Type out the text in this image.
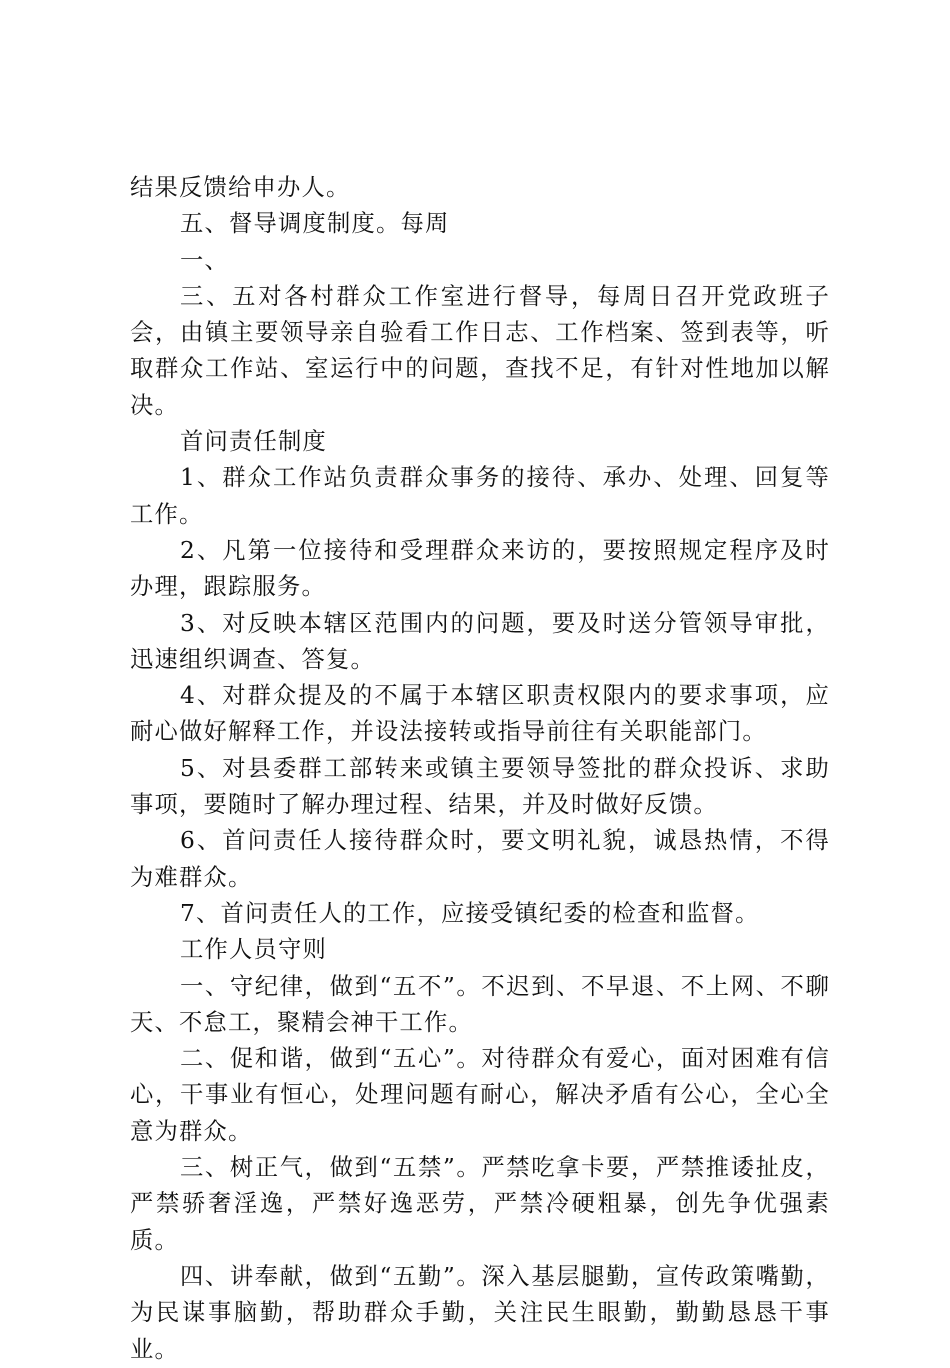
结果反馈给申办人。

五、督导调度制度。每周

一、

三、五对各村群众工作室进行督导，每周日召开党政班子会，由镇主要领导亲自验看工作日志、工作档案、签到表等，听取群众工作站、室运行中的问题，查找不足，有针对性地加以解决。

首问责任制度

1、群众工作站负责群众事务的接待、承办、处理、回复等工作。

2、凡第一位接待和受理群众来访的，要按照规定程序及时办理，跟踪服务。

3、对反映本辖区范围内的问题，要及时送分管领导审批，迅速组织调查、答复。

4、对群众提及的不属于本辖区职责权限内的要求事项，应耐心做好解释工作，并设法接转或指导前往有关职能部门。

5、对县委群工部转来或镇主要领导签批的群众投诉、求助事项，要随时了解办理过程、结果，并及时做好反馈。

6、首问责任人接待群众时，要文明礼貌，诚恳热情，不得为难群众。

7、首问责任人的工作，应接受镇纪委的检查和监督。

工作人员守则

一、守纪律，做到“五不”。不迟到、不早退、不上网、不聊天、不怠工，聚精会神干工作。

二、促和谐，做到“五心”。对待群众有爱心，面对困难有信心，干事业有恒心，处理问题有耐心，解决矛盾有公心，全心全意为群众。

三、树正气，做到“五禁”。严禁吃拿卡要，严禁推诿扯皮，严禁骄奢淫逸，严禁好逸恶劳，严禁冷硬粗暴，创先争优强素质。

四、讲奉献，做到“五勤”。深入基层腿勤，宣传政策嘴勤，为民谋事脑勤，帮助群众手勤，关注民生眼勤，勤勤恳恳干事业。
